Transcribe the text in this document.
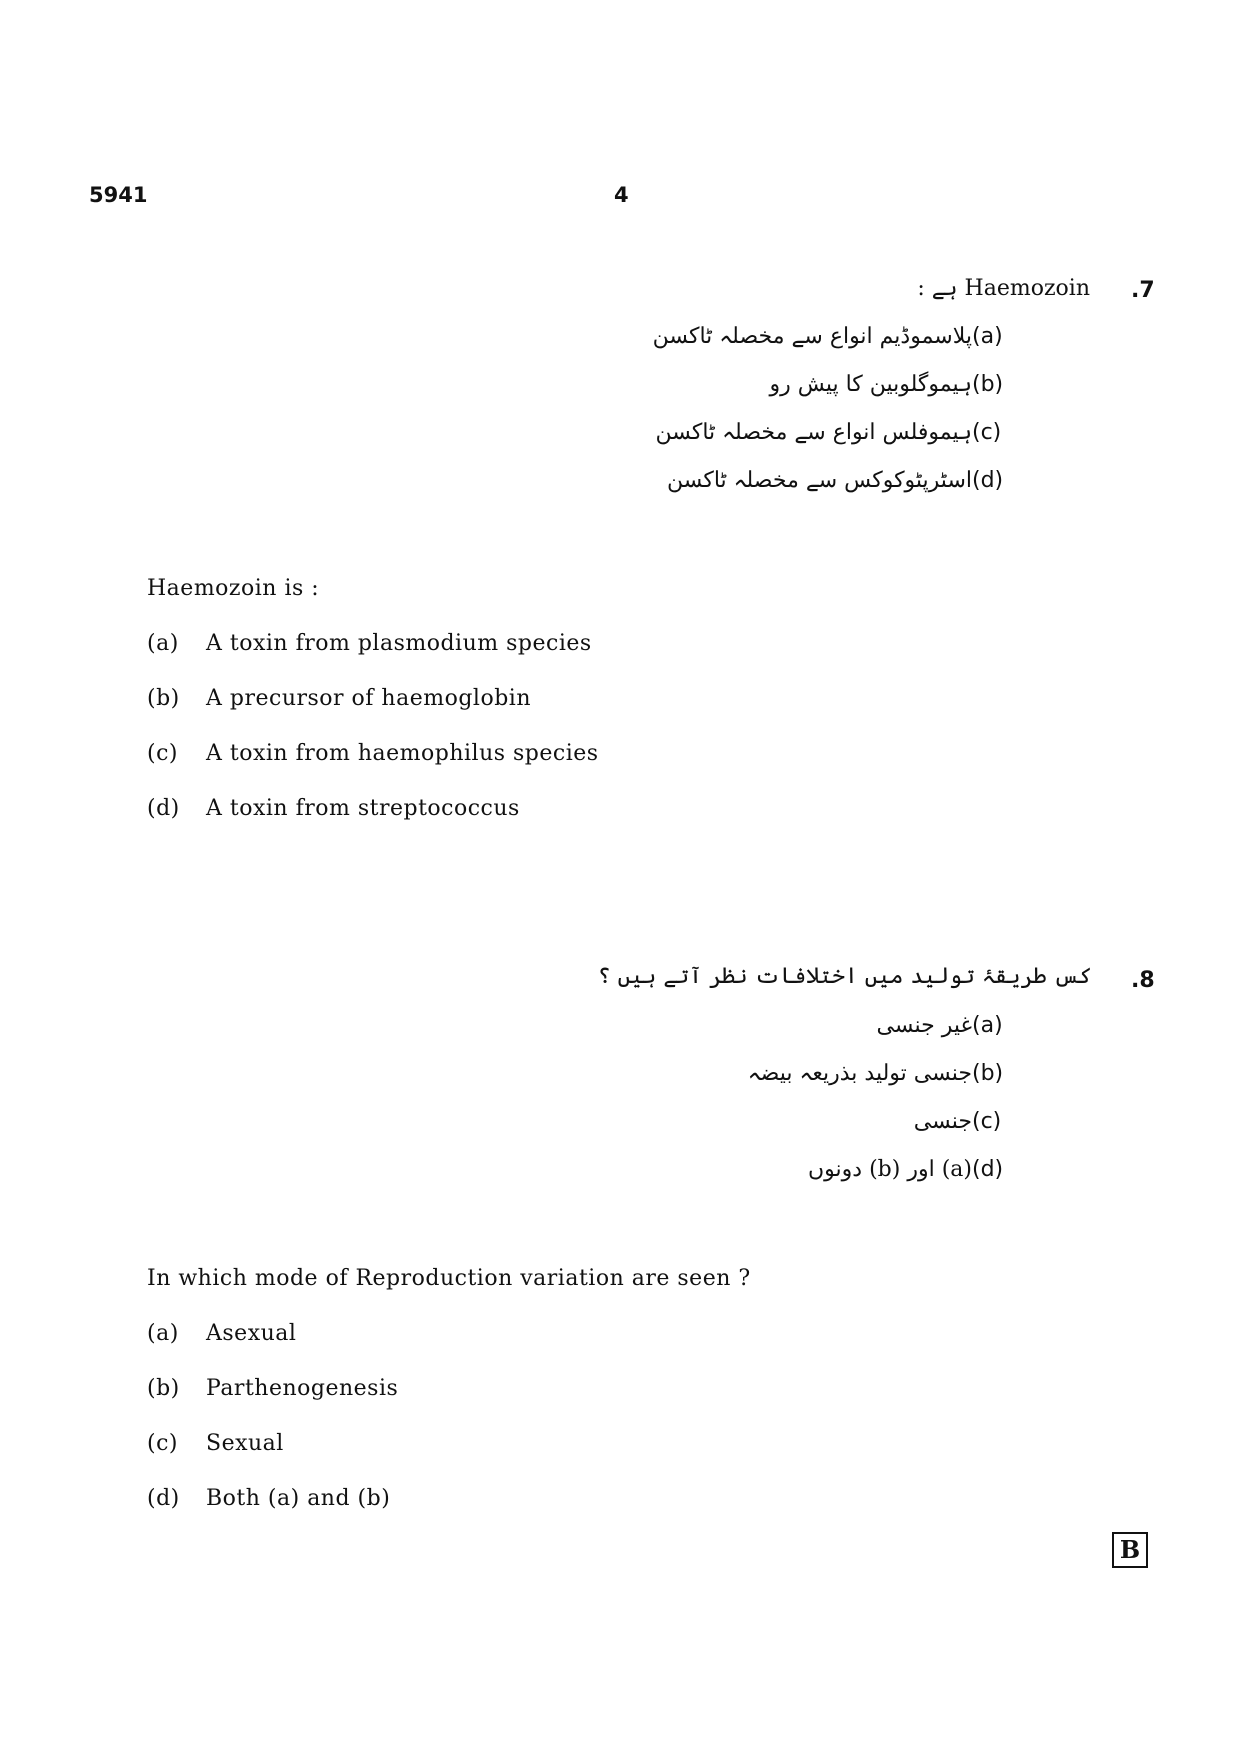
5941	4
.7
Haemozoin ہے :
(a)پلاسموڈیم انواع سے مخصلہ ٹاکسن
(b)ہیموگلوبین کا پیش رو
(c)ہیموفلس انواع سے مخصلہ ٹاکسن
(d)اسٹرپٹوکوکس سے مخصلہ ٹاکسن
Haemozoin is :
(a) A toxin from plasmodium species
(b) A precursor of haemoglobin
(c) A toxin from haemophilus species
(d) A toxin from streptococcus
.8
کس طریقۂ تولید میں اختلافات نظر آتے ہیں ؟
(a)غیر جنسی
(b)جنسی تولید بذریعہ بیضہ
(c)جنسی
(d)(a) اور (b) دونوں
In which mode of Reproduction variation are seen ?
(a) Asexual
(b) Parthenogenesis
(c) Sexual
(d) Both (a) and (b)
B
